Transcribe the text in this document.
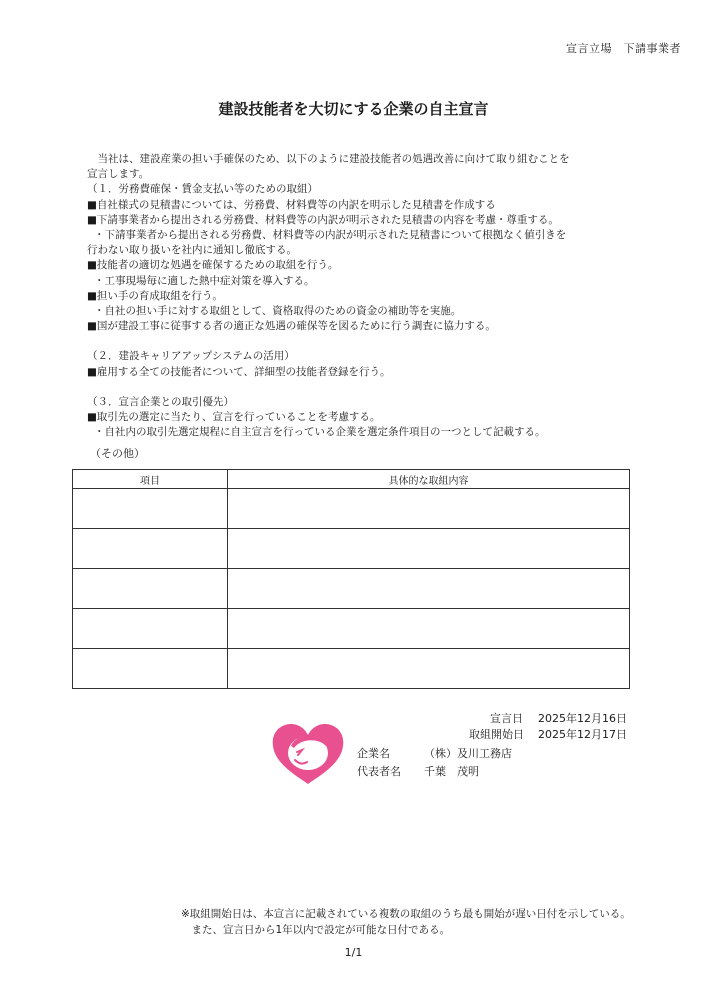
宣言立場　下請事業者
建設技能者を大切にする企業の自主宣言
　当社は、建設産業の担い手確保のため、以下のように建設技能者の処遇改善に向けて取り組むことを
宣言します。
（１．労務費確保・賃金支払い等のための取組）
■自社様式の見積書については、労務費、材料費等の内訳を明示した見積書を作成する
■下請事業者から提出される労務費、材料費等の内訳が明示された見積書の内容を考慮・尊重する。
・下請事業者から提出される労務費、材料費等の内訳が明示された見積書について根拠なく値引きを
行わない取り扱いを社内に通知し徹底する。
■技能者の適切な処遇を確保するための取組を行う。
・工事現場毎に適した熱中症対策を導入する。
■担い手の育成取組を行う。
・自社の担い手に対する取組として、資格取得のための資金の補助等を実施。
■国が建設工事に従事する者の適正な処遇の確保等を図るために行う調査に協力する。
（２．建設キャリアアップシステムの活用）
■雇用する全ての技能者について、詳細型の技能者登録を行う。
（３．宣言企業との取引優先）
■取引先の選定に当たり、宣言を行っていることを考慮する。
・自社内の取引先選定規程に自主宣言を行っている企業を選定条件項目の一つとして記載する。
（その他）
項目	具体的な取組内容

宣言日 2025年12月16日
取組開始日 2025年12月17日
企業名	（株）及川工務店
代表者名 千葉　茂明
※取組開始日は、本宣言に記載されている複数の取組のうち最も開始が遅い日付を示している。
　また、宣言日から1年以内で設定が可能な日付である。
1/1
